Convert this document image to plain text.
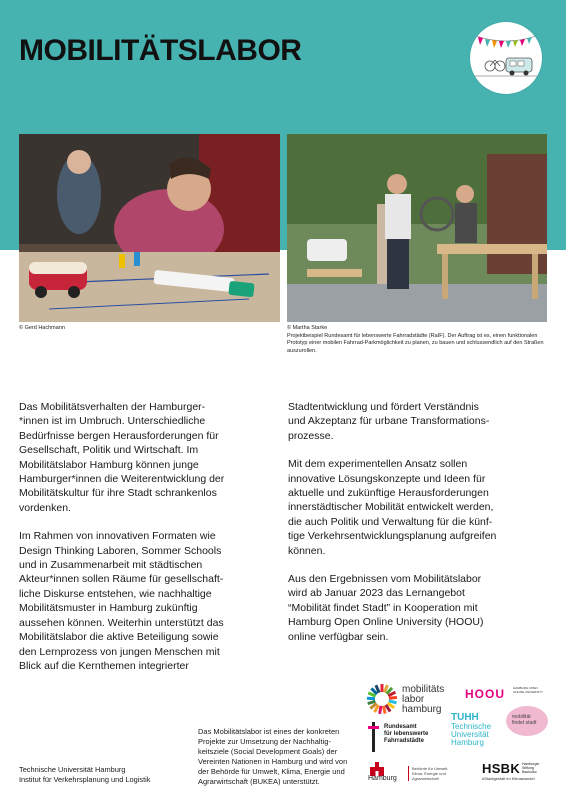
MOBILITÄTSLABOR
© Gerd Hachmann	© Martha Starke
Projektbeispiel Rundesamt für lebenswerte Fahrradstädte (RaIF). Der Auftrag ist es, einen funktionalen Prototyp einer mobilen Fahrrad-Parkmöglichkeit zu planen, zu bauen und schlussendlich auf den Straßen auszurollen.

Das Mobilitätsverhalten der Hamburger-
*innen ist im Umbruch. Unterschiedliche
Bedürfnisse bergen Herausforderungen für
Gesellschaft, Politik und Wirtschaft. Im
Mobilitätslabor Hamburg können junge
Hamburger*innen die Weiterentwicklung der
Mobilitätskultur für ihre Stadt schrankenlos
vordenken.

Im Rahmen von innovativen Formaten wie
Design Thinking Laboren, Sommer Schools
und in Zusammenarbeit mit städtischen
Akteur*innen sollen Räume für gesellschaft-
liche Diskurse entstehen, wie nachhaltige
Mobilitätsmuster in Hamburg zukünftig
aussehen können. Weiterhin unterstützt das
Mobilitätslabor die aktive Beteiligung sowie
den Lernprozess von jungen Menschen mit
Blick auf die Kernthemen integrierter

Stadtentwicklung und fördert Verständnis
und Akzeptanz für urbane Transformations-
prozesse.

Mit dem experimentellen Ansatz sollen
innovative Lösungskonzepte und Ideen für
aktuelle und zukünftige Herausforderungen
innerstädtischer Mobilität entwickelt werden,
die auch Politik und Verwaltung für die künf-
tige Verkehrsentwicklungsplanung aufgreifen
können.

Aus den Ergebnissen vom Mobilitätslabor
wird ab Januar 2023 das Lernangebot
“Mobilität findet Stadt” in Kooperation mit
Hamburg Open Online University (HOOU)
online verfügbar sein.

mobilitäts
labor
hamburg
HOOU	HAMBURG OPEN ONLINE UNIVERSITY
Rundesamt
für lebenswerte
Fahrradstädte
TUHH
Technische
Universität
Hamburg
mobilität
findet stadt
Hamburg
Behörde für Umwelt,
Klima, Energie und
Agrarwirtschaft
HSBK Hamburger
Stiftung
Baukultur
#Stadtgestalt im Klimawandel
Das Mobilitätslabor ist eines der konkreten
Projekte zur Umsetzung der Nachhaltig-
keitsziele (Social Development Goals) der
Vereinten Nationen in Hamburg und wird von
der Behörde für Umwelt, Klima, Energie und
Agrarwirtschaft (BUKEA) unterstützt.
Technische Universität Hamburg
Institut für Verkehrsplanung und Logistik
